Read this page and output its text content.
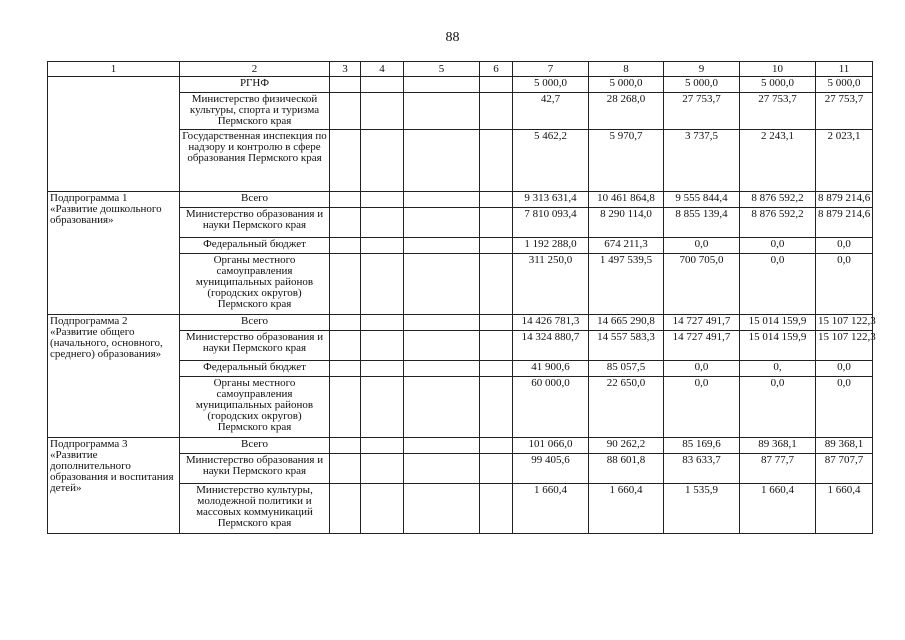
88
1	2	3	4	5	6	7	8	9	10	11
	РГНФ					5 000,0	5 000,0	5 000,0	5 000,0	5 000,0
	Министерство физической культуры, спорта и туризма Пермского края					42,7	28 268,0	27 753,7	27 753,7	27 753,7
	Государственная инспекция по надзору и контролю в сфере образования Пермского края					5 462,2	5 970,7	3 737,5	2 243,1	2 023,1
Подпрограмма 1 «Развитие дошкольного образования»	Всего					9 313 631,4	10 461 864,8	9 555 844,4	8 876 592,2	8 879 214,6
	Министерство образования и науки Пермского края					7 810 093,4	8 290 114,0	8 855 139,4	8 876 592,2	8 879 214,6
	Федеральный бюджет					1 192 288,0	674 211,3	0,0	0,0	0,0
	Органы местного самоуправления муниципальных районов (городских округов) Пермского края					311 250,0	1 497 539,5	700 705,0	0,0	0,0
Подпрограмма 2 «Развитие общего (начального, основного, среднего) образования»	Всего					14 426 781,3	14 665 290,8	14 727 491,7	15 014 159,9	15 107 122,3
	Министерство образования и науки Пермского края					14 324 880,7	14 557 583,3	14 727 491,7	15 014 159,9	15 107 122,3
	Федеральный бюджет					41 900,6	85 057,5	0,0	0,	0,0
	Органы местного самоуправления муниципальных районов (городских округов) Пермского края					60 000,0	22 650,0	0,0	0,0	0,0
Подпрограмма 3 «Развитие дополнительного образования и воспитания детей»	Всего					101 066,0	90 262,2	85 169,6	89 368,1	89 368,1
	Министерство образования и науки Пермского края					99 405,6	88 601,8	83 633,7	87 77,7	87 707,7
	Министерство культуры, молодежной политики и массовых коммуникаций Пермского края					1 660,4	1 660,4	1 535,9	1 660,4	1 660,4
